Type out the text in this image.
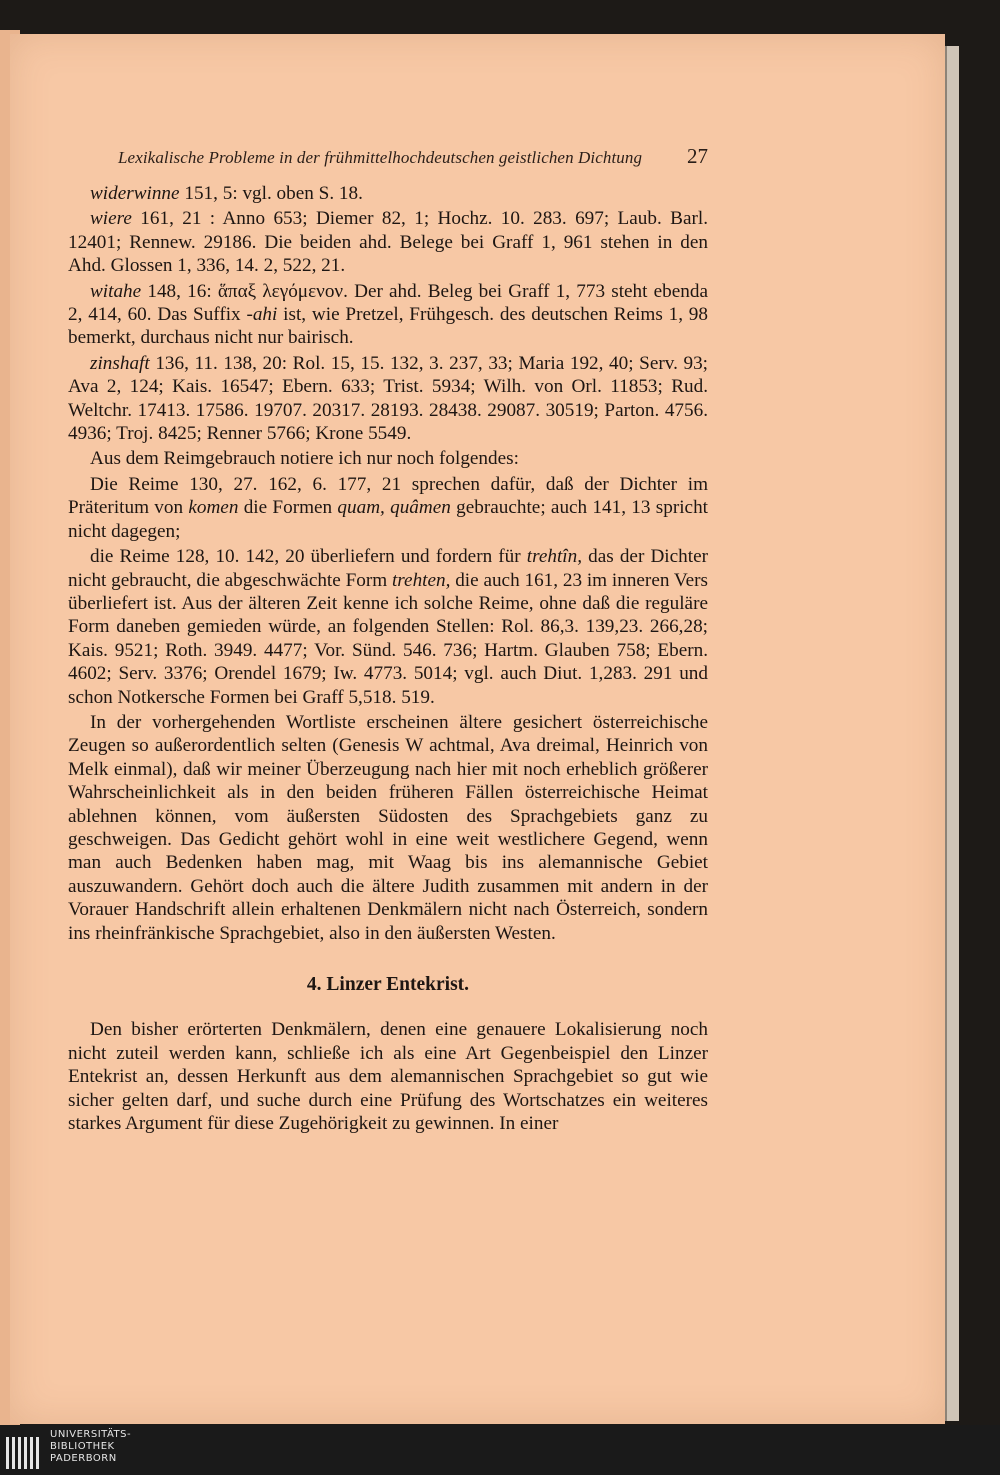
Lexikalische Probleme in der frühmittelhochdeutschen geistlichen Dichtung 27

widerwinne 151, 5: vgl. oben S. 18.

wiere 161, 21 : Anno 653; Diemer 82, 1; Hochz. 10. 283. 697; Laub. Barl. 12401; Rennew. 29186. Die beiden ahd. Belege bei Graff 1, 961 stehen in den Ahd. Glossen 1, 336, 14. 2, 522, 21.

witahe 148, 16: ἅπαξ λεγόμενον. Der ahd. Beleg bei Graff 1, 773 steht ebenda 2, 414, 60. Das Suffix -ahi ist, wie Pretzel, Frühgesch. des deutschen Reims 1, 98 bemerkt, durchaus nicht nur bairisch.

zinshaft 136, 11. 138, 20: Rol. 15, 15. 132, 3. 237, 33; Maria 192, 40; Serv. 93; Ava 2, 124; Kais. 16547; Ebern. 633; Trist. 5934; Wilh. von Orl. 11853; Rud. Weltchr. 17413. 17586. 19707. 20317. 28193. 28438. 29087. 30519; Parton. 4756. 4936; Troj. 8425; Renner 5766; Krone 5549.

Aus dem Reimgebrauch notiere ich nur noch folgendes:

Die Reime 130, 27. 162, 6. 177, 21 sprechen dafür, daß der Dichter im Präteritum von komen die Formen quam, quâmen gebrauchte; auch 141, 13 spricht nicht dagegen;

die Reime 128, 10. 142, 20 überliefern und fordern für trehtîn, das der Dichter nicht gebraucht, die abgeschwächte Form trehten, die auch 161, 23 im inneren Vers überliefert ist. Aus der älteren Zeit kenne ich solche Reime, ohne daß die reguläre Form daneben gemieden würde, an folgenden Stellen: Rol. 86,3. 139,23. 266,28; Kais. 9521; Roth. 3949. 4477; Vor. Sünd. 546. 736; Hartm. Glauben 758; Ebern. 4602; Serv. 3376; Orendel 1679; Iw. 4773. 5014; vgl. auch Diut. 1,283. 291 und schon Notkersche Formen bei Graff 5,518. 519.

In der vorhergehenden Wortliste erscheinen ältere gesichert österreichische Zeugen so außerordentlich selten (Genesis W achtmal, Ava dreimal, Heinrich von Melk einmal), daß wir meiner Überzeugung nach hier mit noch erheblich größerer Wahrscheinlichkeit als in den beiden früheren Fällen österreichische Heimat ablehnen können, vom äußersten Südosten des Sprachgebiets ganz zu geschweigen. Das Gedicht gehört wohl in eine weit westlichere Gegend, wenn man auch Bedenken haben mag, mit Waag bis ins alemannische Gebiet auszuwandern. Gehört doch auch die ältere Judith zusammen mit andern in der Vorauer Handschrift allein erhaltenen Denkmälern nicht nach Österreich, sondern ins rheinfränkische Sprachgebiet, also in den äußersten Westen.

4. Linzer Entekrist.

Den bisher erörterten Denkmälern, denen eine genauere Lokalisierung noch nicht zuteil werden kann, schließe ich als eine Art Gegenbeispiel den Linzer Entekrist an, dessen Herkunft aus dem alemannischen Sprachgebiet so gut wie sicher gelten darf, und suche durch eine Prüfung des Wortschatzes ein weiteres starkes Argument für diese Zugehörigkeit zu gewinnen. In einer

UNIVERSITÄTS-
BIBLIOTHEK
PADERBORN
